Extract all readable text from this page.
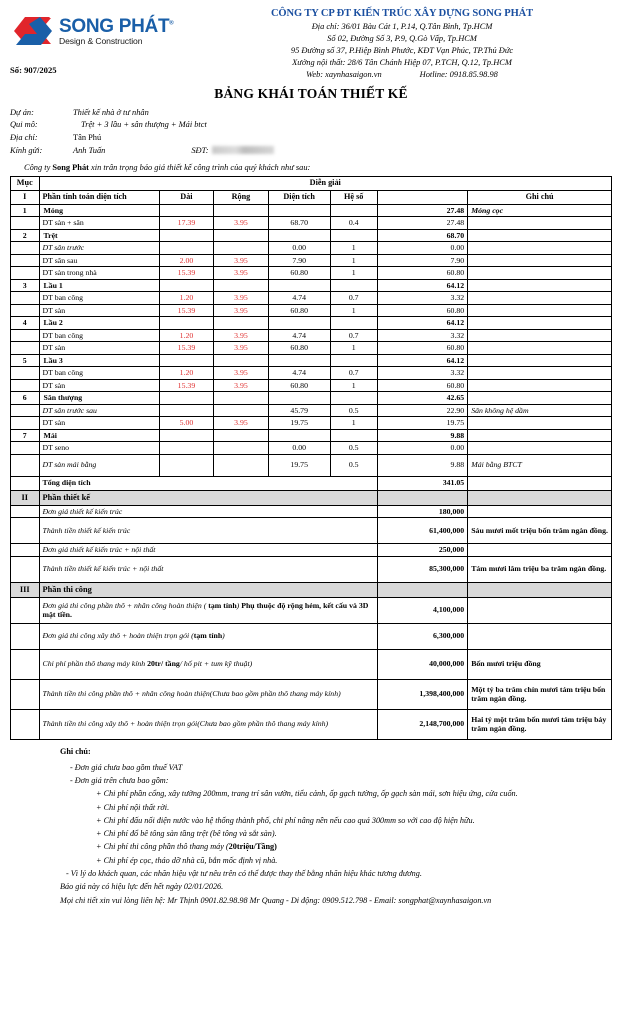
SONG PHÁT®
Design & Construction
Số: 907/2025
CÔNG TY CP ĐT KIẾN TRÚC XÂY DỰNG SONG PHÁT
Địa chỉ: 36/01 Bàu Cát 1, P.14, Q.Tân Bình, Tp.HCM
Số 02, Đường Số 3, P.9, Q.Gò Vấp, Tp.HCM
95 Đường số 37, P.Hiệp Bình Phước, KĐT Vạn Phúc, TP.Thủ Đức
Xưởng nội thất: 28/6 Tân Chánh Hiệp 07, P.TCH, Q.12, Tp.HCM
Web: xaynhasaigon.vn	Hotline: 0918.85.98.98
BẢNG KHÁI TOÁN THIẾT KẾ
Dự án:	Thiết kế nhà ở tư nhân
Qui mô:	Trệt + 3 lầu + sân thượng + Mái btct
Địa chỉ:	Tân Phú
Kính gửi:	Anh Tuấn	SĐT:
Công ty Song Phát xin trân trọng báo giá thiết kế công trình của quý khách như sau:
Mục	Diễn giải						
I	Phần tính toán diện tích	Dài	Rộng	Diện tích	Hệ số		Ghi chú
1	Móng					27.48	Móng cọc
	DT sàn + sân	17.39	3.95	68.70	0.4	27.48	
2	Trệt					68.70	
	DT sân trước			0.00	1	0.00	
	DT sân sau	2.00	3.95	7.90	1	7.90	
	DT sàn trong nhà	15.39	3.95	60.80	1	60.80	
3	Lầu 1					64.12	
	DT ban công	1.20	3.95	4.74	0.7	3.32	
	DT sàn	15.39	3.95	60.80	1	60.80	
4	Lầu 2					64.12	
	DT ban công	1.20	3.95	4.74	0.7	3.32	
	DT sàn	15.39	3.95	60.80	1	60.80	
5	Lầu 3					64.12	
	DT ban công	1.20	3.95	4.74	0.7	3.32	
	DT sàn	15.39	3.95	60.80	1	60.80	
6	Sân thượng					42.65	
	DT sân trước sau			45.79	0.5	22.90	Sân không hệ dầm
	DT sàn	5.00	3.95	19.75	1	19.75	
7	Mái					9.88	
	DT seno			0.00	0.5	0.00	
	DT sàn mái bằng			19.75	0.5	9.88	Mái bằng BTCT
	Tổng diện tích					341.05	
II	Phần thiết kế						
	Đơn giá thiết kế kiến trúc					180,000	
	Thành tiền thiết kế kiến trúc					61,400,000	Sáu mươi mốt triệu bốn trăm ngàn đồng.
	Đơn giá thiết kế kiến trúc + nội thất					250,000	
	Thành tiền thiết kế kiến trúc + nội thất					85,300,000	Tám mươi lăm triệu ba trăm ngàn đồng.
III	Phần thi công						
	Đơn giá thi công phần thô + nhân công hoàn thiện ( tạm tính) Phụ thuộc độ rộng hẻm, kết cấu và 3D mặt tiền.					4,100,000	
	Đơn giá thi công xây thô + hoàn thiện trọn gói (tạm tính)					6,300,000	
	Chi phí phần thô thang máy kính 20tr/ tầng/ hố pit + tum kỹ thuật)					40,000,000	Bốn mươi triệu đồng
	Thành tiền thi công phần thô + nhân công hoàn thiện(Chưa bao gồm phần thô thang máy kính)					1,398,400,000	Một tỷ ba trăm chín mươi tám triệu bốn trăm ngàn đồng.
	Thành tiền thi công xây thô + hoàn thiện trọn gói(Chưa bao gồm phần thô thang máy kính)					2,148,700,000	Hai tỷ một trăm bốn mươi tám triệu bảy trăm ngàn đồng.
Ghi chú:
- Đơn giá chưa bao gồm thuế VAT
- Đơn giá trên chưa bao gồm:
+ Chi phí phần cổng, xây tường 200mm, trang trí sân vườn, tiểu cảnh, ốp gạch tường, ốp gạch sàn mái, sơn hiệu ứng, cửa cuốn.
+ Chi phí nội thất rời.
+ Chi phí đấu nối điện nước vào hệ thống thành phố, chi phí nâng nền nếu cao quá 300mm so với cao độ hiện hữu.
+ Chi phí đổ bê tông sàn tầng trệt (bê tông và sắt sàn).
+ Chi phí thi công phần thô thang máy (20triệu/Tầng)
+ Chi phí ép cọc, tháo dỡ nhà cũ, bắn mốc định vị nhà.
- Vì lý do khách quan, các nhãn hiệu vật tư nêu trên có thể được thay thế bằng nhãn hiệu khác tương đương.
Báo giá này có hiệu lực đến hết ngày 02/01/2026.
Mọi chi tiết xin vui lòng liên hệ: Mr Thịnh 0901.82.98.98 Mr Quang - Di động: 0909.512.798 - Email: songphat@xaynhasaigon.vn
